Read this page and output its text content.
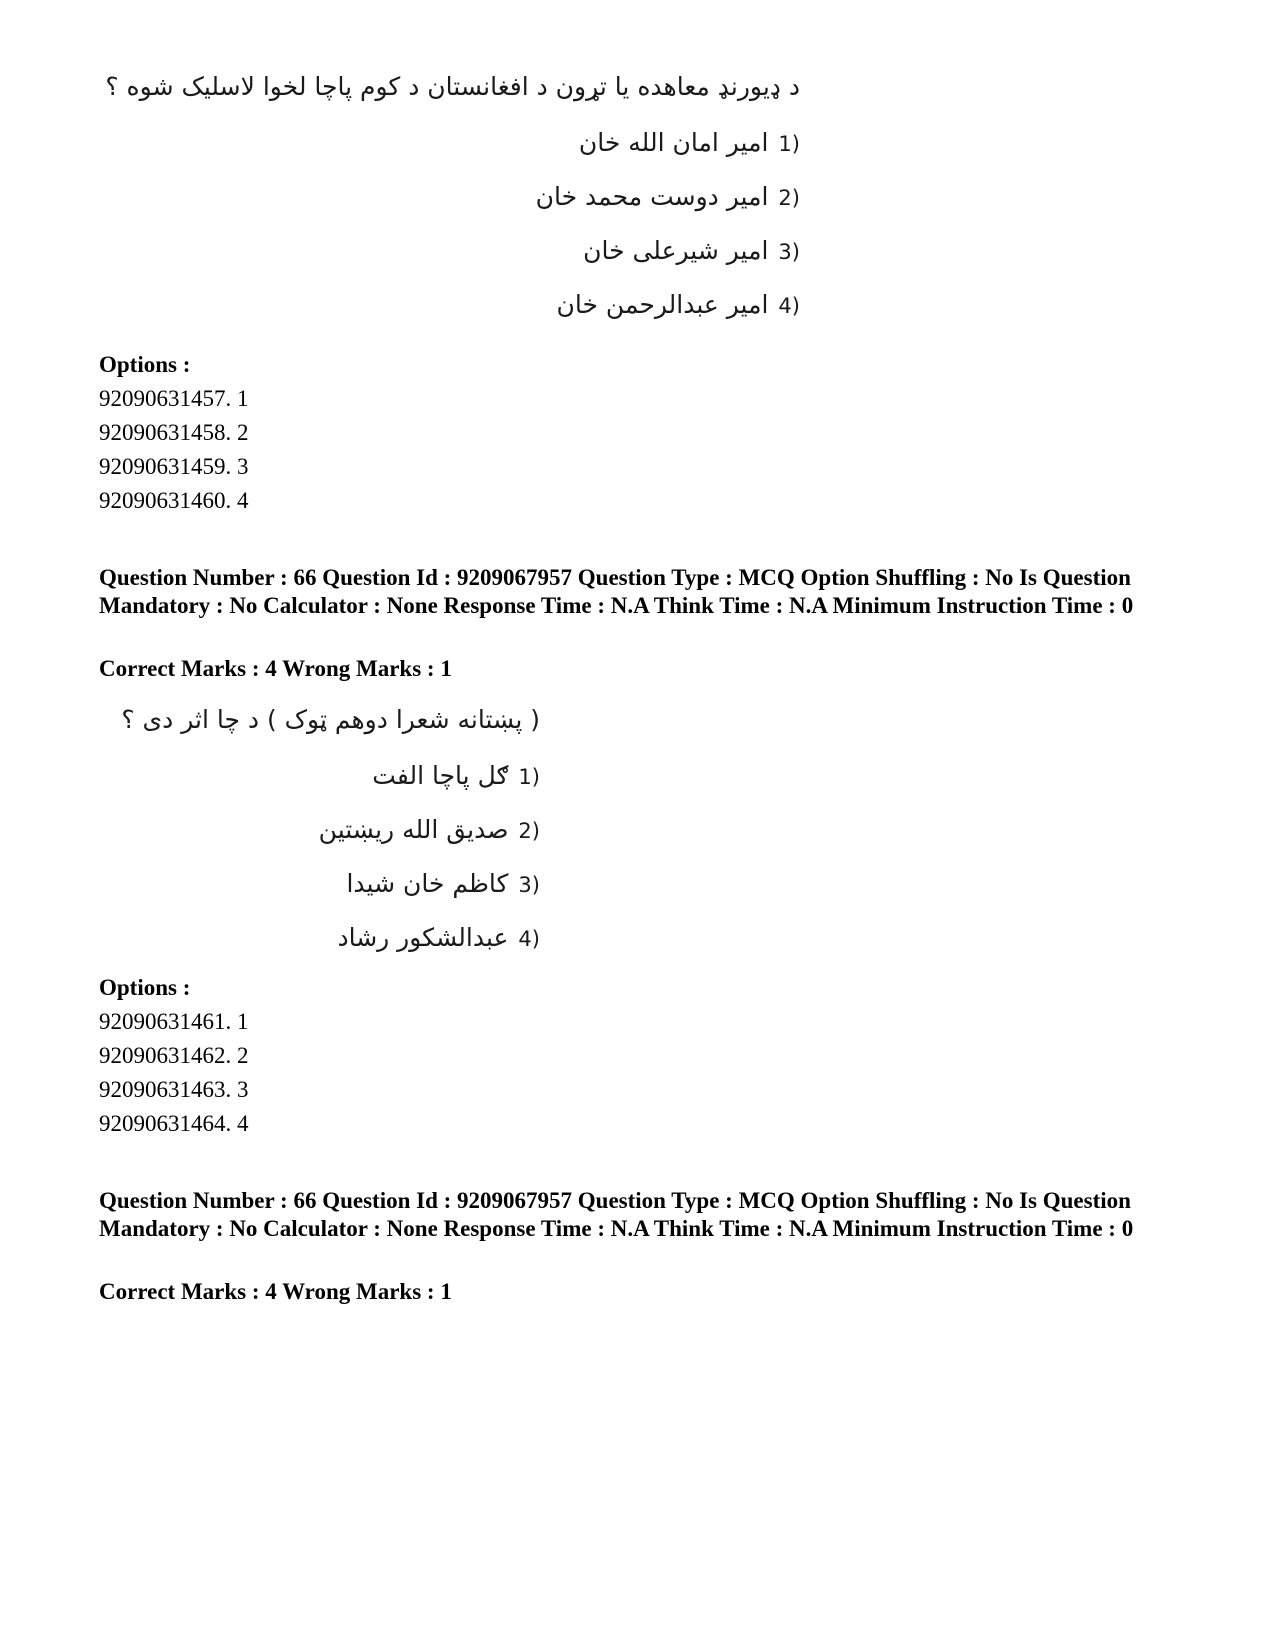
د ډيورنډ معاهده يا تړون د افغانستان د کوم پاچا لخوا لاسليک شوه ؟
(1
امير امان الله خان
(2
امير دوست محمد خان
(3
امير شيرعلى خان
(4
امير عبدالرحمن خان
Options :
92090631457. 1
92090631458. 2
92090631459. 3
92090631460. 4
Question Number : 66 Question Id : 9209067957 Question Type : MCQ Option Shuffling : No Is Question Mandatory : No Calculator : None Response Time : N.A Think Time : N.A Minimum Instruction Time : 0
Correct Marks : 4 Wrong Marks : 1
( پښتانه شعرا دوهم ټوک ) د چا اثر دى ؟
(1
ګل پاچا الفت
(2
صديق الله ريښتين
(3
کاظم خان شيدا
(4
عبدالشکور رشاد
Options :
92090631461. 1
92090631462. 2
92090631463. 3
92090631464. 4
Question Number : 66 Question Id : 9209067957 Question Type : MCQ Option Shuffling : No Is Question Mandatory : No Calculator : None Response Time : N.A Think Time : N.A Minimum Instruction Time : 0
Correct Marks : 4 Wrong Marks : 1
